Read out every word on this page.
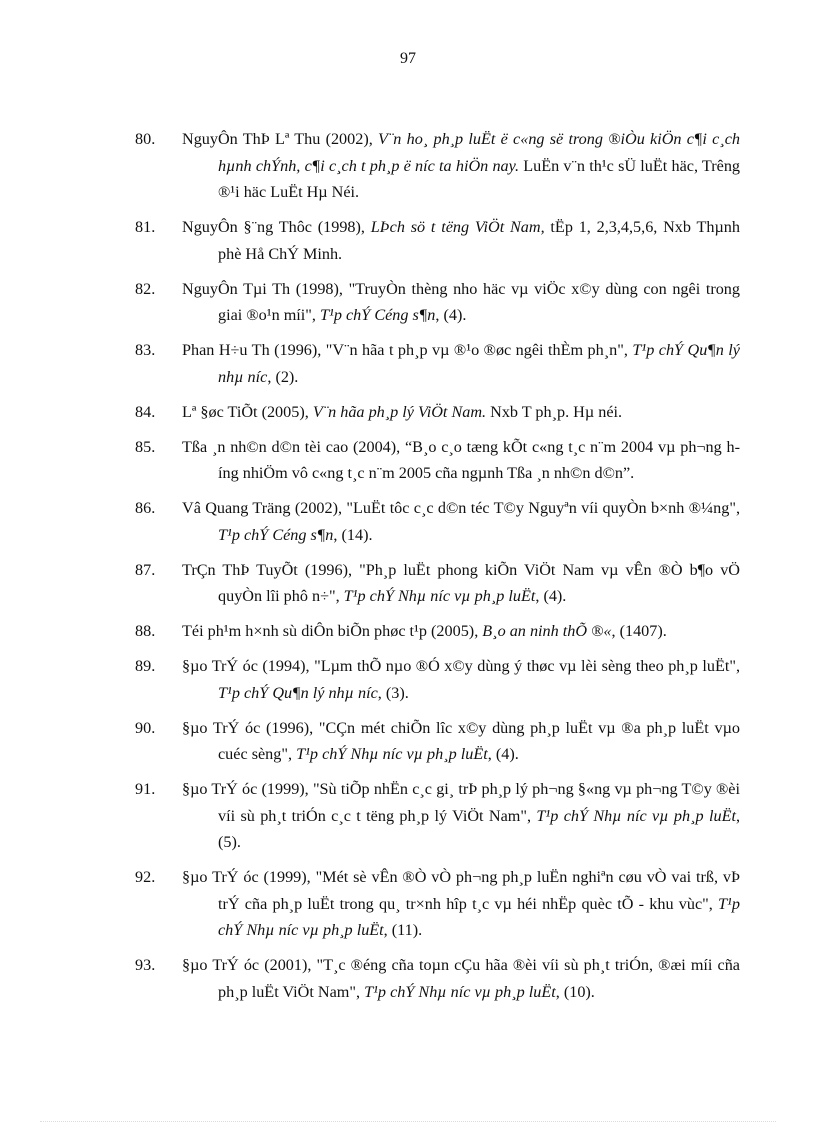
97
80. NguyÔn ThÞ Lª Thu (2002), V¨n ho¸ ph¸p luËt ë c«ng së trong ®iÒu kiÖn c¶i c¸ch hµnh chÝnh, c¶i c¸ch t ph¸p ë níc ta hiÖn nay. LuËn v¨n th¹c sÜ luËt häc, Trêng ®¹i häc LuËt Hµ Néi.
81. NguyÔn §¨ng Thôc (1998), LÞch sö t tëng ViÖt Nam, tËp 1, 2,3,4,5,6, Nxb Thµnh phè Hå ChÝ Minh.
82. NguyÔn Tµi Th (1998), "TruyÒn thèng nho häc vµ viÖc x©y dùng con ngêi trong giai ®o¹n míi", T¹p chÝ Céng s¶n, (4).
83. Phan H÷u Th (1996), "V¨n hãa t ph¸p vµ ®¹o ®øc ngêi thÈm ph¸n", T¹p chÝ Qu¶n lý nhµ níc, (2).
84. Lª §øc TiÕt (2005), V¨n hãa ph¸p lý ViÖt Nam. Nxb T ph¸p. Hµ néi.
85. Tßa ¸n nh©n d©n tèi cao (2004), “B¸o c¸o tæng kÕt c«ng t¸c n¨m 2004 vµ ph¬ng híng nhiÖm vô c«ng t¸c n¨m 2005 cña ngµnh Tßa ¸n nh©n d©n”.
86. Vâ Quang Träng (2002), "LuËt tôc c¸c d©n téc T©y Nguyªn víi quyÒn b×nh ®¼ng", T¹p chÝ Céng s¶n, (14).
87. TrÇn ThÞ TuyÕt (1996), "Ph¸p luËt phong kiÕn ViÖt Nam vµ vÊn ®Ò b¶o vÖ quyÒn lîi phô n÷", T¹p chÝ Nhµ níc vµ ph¸p luËt, (4).
88. Téi ph¹m h×nh sù diÔn biÕn phøc t¹p (2005), B¸o an ninh thÕ ®«, (1407).
89. §µo TrÝ óc (1994), "Lµm thÕ nµo ®Ó x©y dùng ý thøc vµ lèi sèng theo ph¸p luËt", T¹p chÝ Qu¶n lý nhµ níc, (3).
90. §µo TrÝ óc (1996), "CÇn mét chiÕn lîc x©y dùng ph¸p luËt vµ ®a ph¸p luËt vµo cuéc sèng", T¹p chÝ Nhµ níc vµ ph¸p luËt, (4).
91. §µo TrÝ óc (1999), "Sù tiÕp nhËn c¸c gi¸ trÞ ph¸p lý ph¬ng §«ng vµ ph¬ng T©y ®èi víi sù ph¸t triÓn c¸c t tëng ph¸p lý ViÖt Nam", T¹p chÝ Nhµ níc vµ ph¸p luËt, (5).
92. §µo TrÝ óc (1999), "Mét sè vÊn ®Ò vÒ ph¬ng ph¸p luËn nghiªn cøu vÒ vai trß, vÞ trÝ cña ph¸p luËt trong qu¸ tr×nh hîp t¸c vµ héi nhËp quèc tÕ - khu vùc", T¹p chÝ Nhµ níc vµ ph¸p luËt, (11).
93. §µo TrÝ óc (2001), "T¸c ®éng cña toµn cÇu hãa ®èi víi sù ph¸t triÓn, ®æi míi cña ph¸p luËt ViÖt Nam", T¹p chÝ Nhµ níc vµ ph¸p luËt, (10).
